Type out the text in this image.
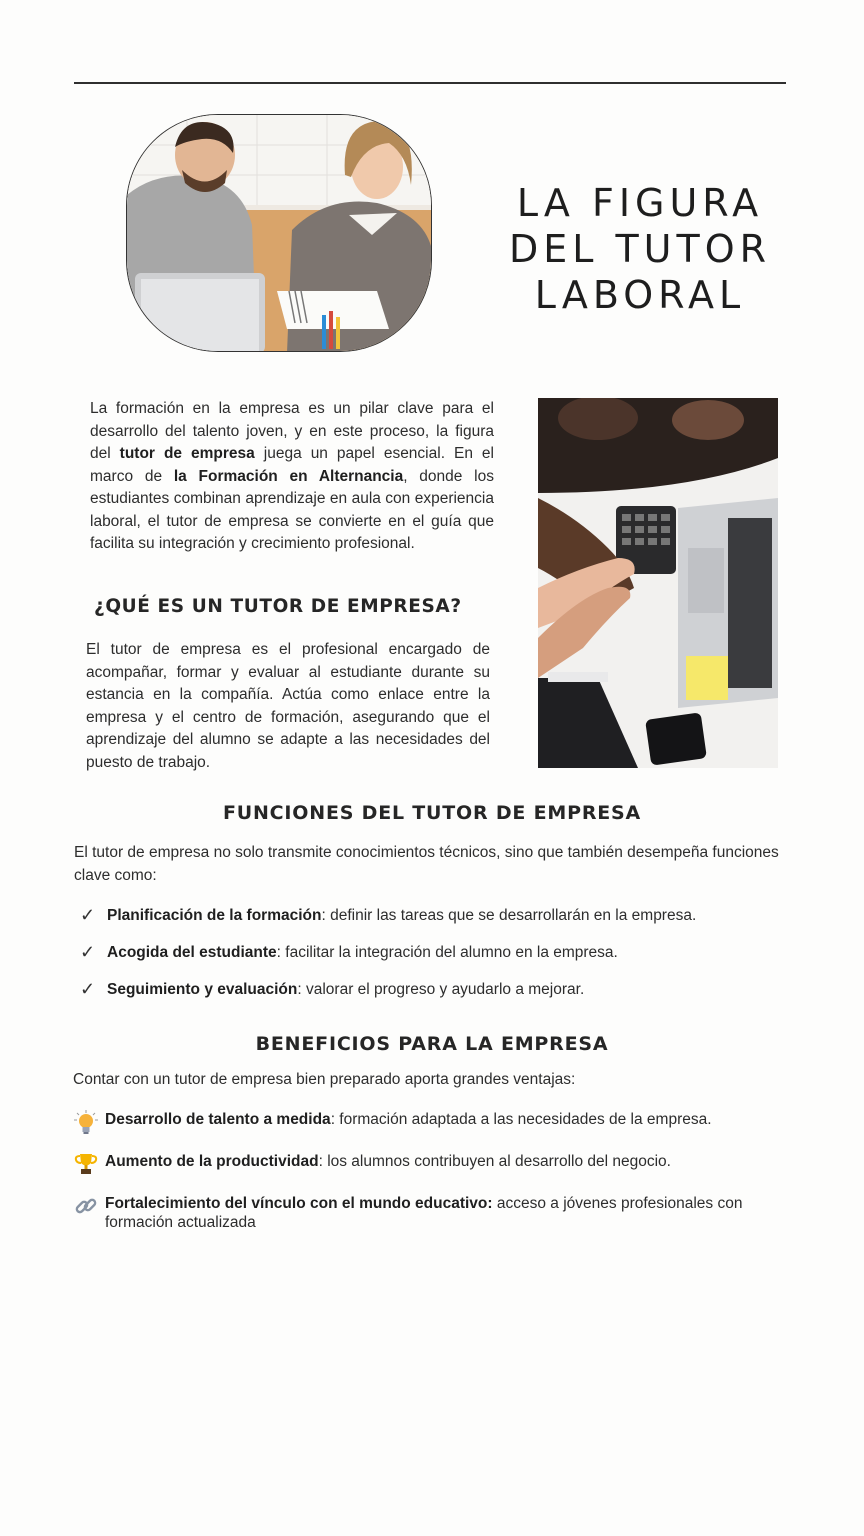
LA FIGURA
DEL TUTOR
LABORAL
La formación en la empresa es un pilar clave para el desarrollo del talento joven, y en este proceso, la figura del tutor de empresa juega un papel esencial. En el marco de la Formación en Alternancia, donde los estudiantes combinan aprendizaje en aula con experiencia laboral, el tutor de empresa se convierte en el guía que facilita su integración y crecimiento profesional.
¿QUÉ ES UN TUTOR DE EMPRESA?
El tutor de empresa es el profesional encargado de acompañar, formar y evaluar al estudiante durante su estancia en la compañía. Actúa como enlace entre la empresa y el centro de formación, asegurando que el aprendizaje del alumno se adapte a las necesidades del puesto de trabajo.
FUNCIONES DEL TUTOR DE EMPRESA
El tutor de empresa no solo transmite conocimientos técnicos, sino que también desempeña funciones clave como:
✓ Planificación de la formación: definir las tareas que se desarrollarán en la empresa.
✓ Acogida del estudiante: facilitar la integración del alumno en la empresa.
✓ Seguimiento y evaluación: valorar el progreso y ayudarlo a mejorar.
BENEFICIOS PARA LA EMPRESA
Contar con un tutor de empresa bien preparado aporta grandes ventajas:
Desarrollo de talento a medida: formación adaptada a las necesidades de la empresa.
Aumento de la productividad: los alumnos contribuyen al desarrollo del negocio.
Fortalecimiento del vínculo con el mundo educativo: acceso a jóvenes profesionales con formación actualizada
